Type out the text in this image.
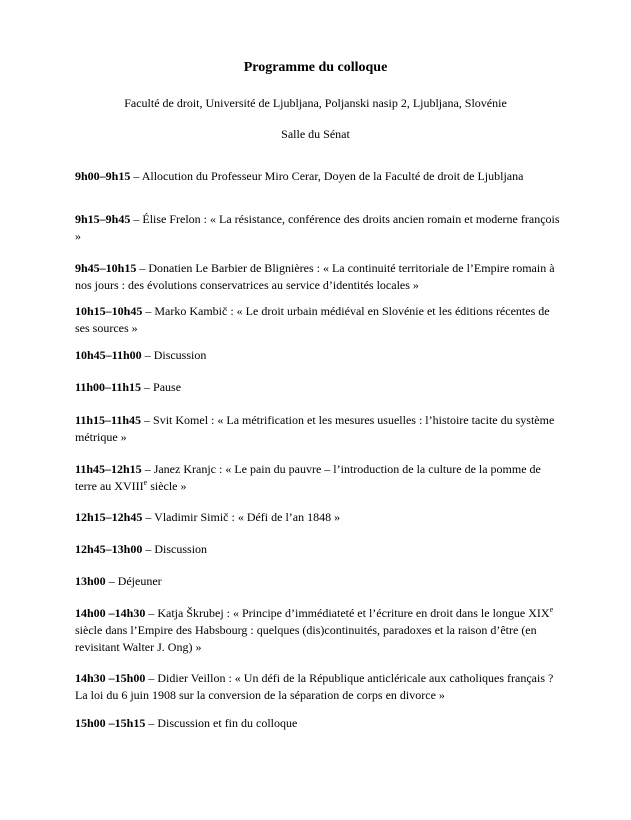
Programme du colloque
Faculté de droit, Université de Ljubljana, Poljanski nasip 2, Ljubljana, Slovénie
Salle du Sénat
9h00–9h15 – Allocution du Professeur Miro Cerar, Doyen de la Faculté de droit de Ljubljana
9h15–9h45 – Élise Frelon : « La résistance, conférence des droits ancien romain et moderne françois »
9h45–10h15 – Donatien Le Barbier de Blignières : « La continuité territoriale de l’Empire romain à nos jours : des évolutions conservatrices au service d’identités locales »
10h15–10h45 – Marko Kambič : « Le droit urbain médiéval en Slovénie et les éditions récentes de ses sources »
10h45–11h00 – Discussion
11h00–11h15 – Pause
11h15–11h45 – Svit Komel : « La métrification et les mesures usuelles : l’histoire tacite du système métrique »
11h45–12h15 – Janez Kranjc : « Le pain du pauvre – l’introduction de la culture de la pomme de terre au XVIIIe siècle »
12h15–12h45 – Vladimir Simič : « Défi de l’an 1848 »
12h45–13h00 – Discussion
13h00 – Déjeuner
14h00 –14h30 – Katja Škrubej : « Principe d’immédiateté et l’écriture en droit dans le longue XIXe siècle dans l’Empire des Habsbourg : quelques (dis)continuités, paradoxes et la raison d’être (en revisitant Walter J. Ong) »
14h30 –15h00 – Didier Veillon : « Un défi de la République anticléricale aux catholiques français ? La loi du 6 juin 1908 sur la conversion de la séparation de corps en divorce »
15h00 –15h15 – Discussion et fin du colloque
